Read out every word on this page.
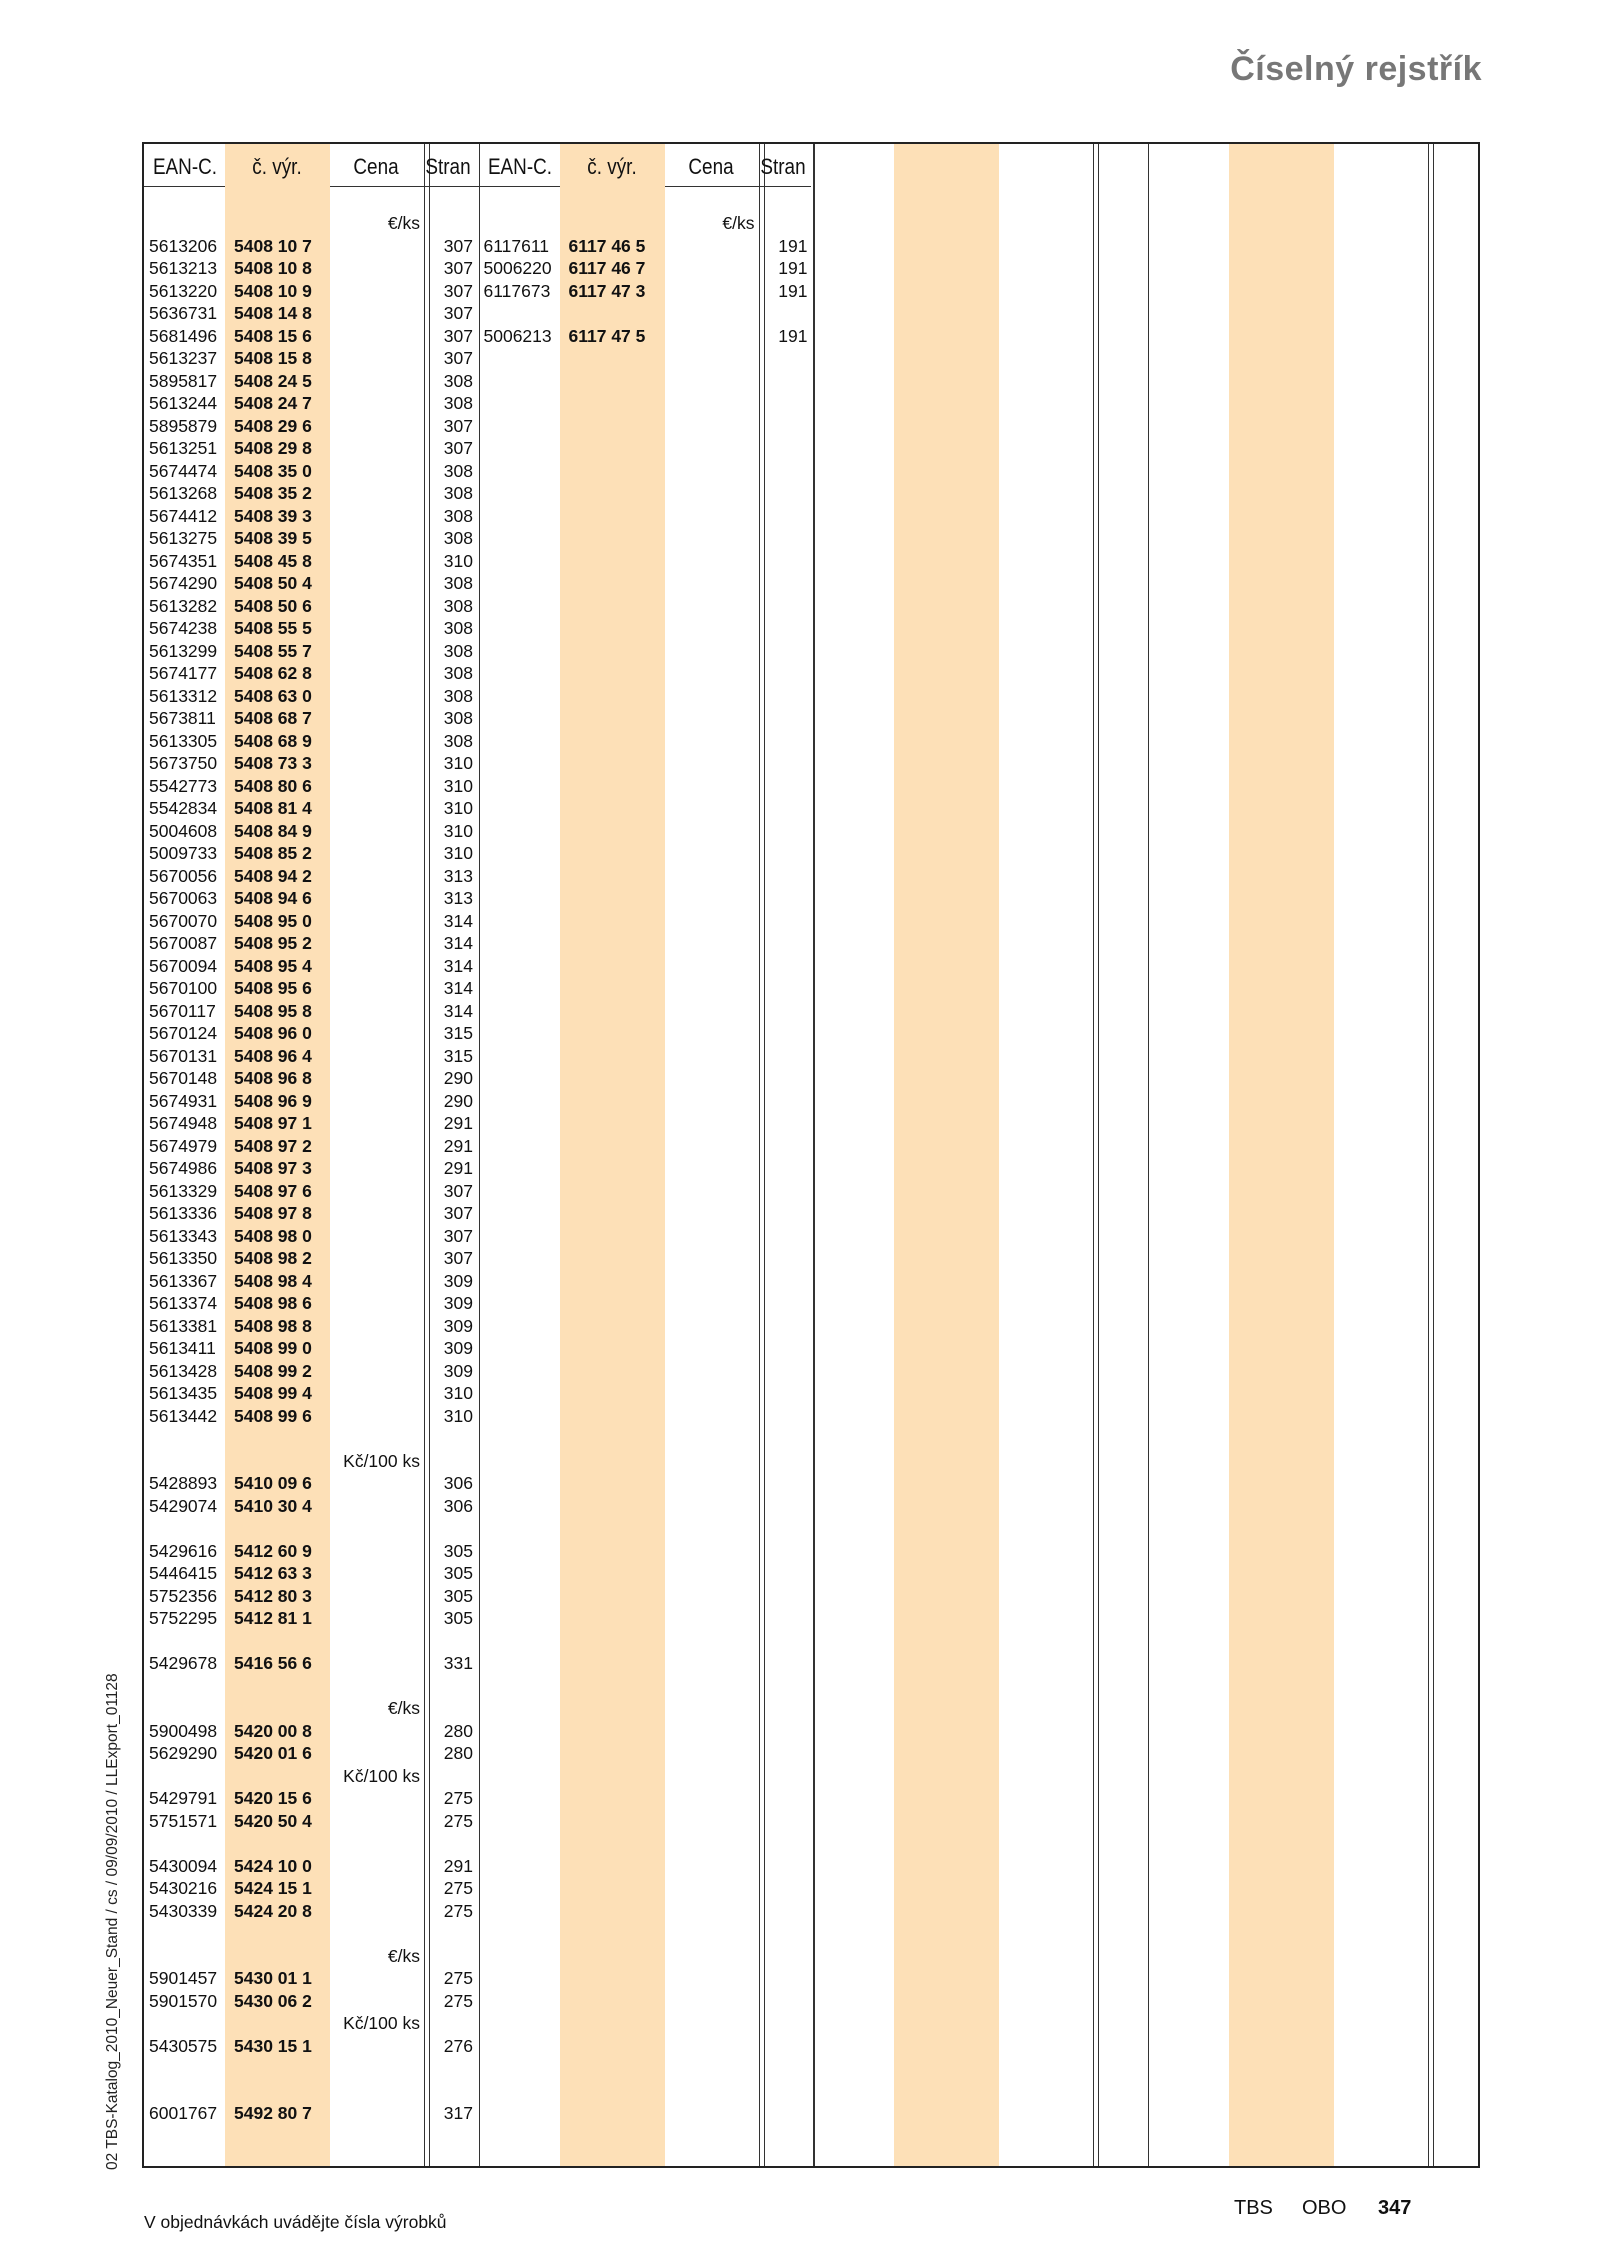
Číselný rejstřík
EAN-C.	č. výr.	Cena	Stran
€/ks
5613206 5408 10 7	307
5613213 5408 10 8	307
5613220 5408 10 9	307
5636731 5408 14 8	307
5681496 5408 15 6	307
5613237 5408 15 8	307
5895817 5408 24 5	308
5613244 5408 24 7	308
5895879 5408 29 6	307
5613251 5408 29 8	307
5674474 5408 35 0	308
5613268 5408 35 2	308
5674412 5408 39 3	308
5613275 5408 39 5	308
5674351 5408 45 8	310
5674290 5408 50 4	308
5613282 5408 50 6	308
5674238 5408 55 5	308
5613299 5408 55 7	308
5674177 5408 62 8	308
5613312 5408 63 0	308
5673811 5408 68 7	308
5613305 5408 68 9	308
5673750 5408 73 3	310
5542773 5408 80 6	310
5542834 5408 81 4	310
5004608 5408 84 9	310
5009733 5408 85 2	310
5670056 5408 94 2	313
5670063 5408 94 6	313
5670070 5408 95 0	314
5670087 5408 95 2	314
5670094 5408 95 4	314
5670100 5408 95 6	314
5670117 5408 95 8	314
5670124 5408 96 0	315
5670131 5408 96 4	315
5670148 5408 96 8	290
5674931 5408 96 9	290
5674948 5408 97 1	291
5674979 5408 97 2	291
5674986 5408 97 3	291
5613329 5408 97 6	307
5613336 5408 97 8	307
5613343 5408 98 0	307
5613350 5408 98 2	307
5613367 5408 98 4	309
5613374 5408 98 6	309
5613381 5408 98 8	309
5613411 5408 99 0	309
5613428 5408 99 2	309
5613435 5408 99 4	310
5613442 5408 99 6	310
Kč/100 ks
5428893 5410 09 6	306
5429074 5410 30 4	306
5429616 5412 60 9	305
5446415 5412 63 3	305
5752356 5412 80 3	305
5752295 5412 81 1	305
5429678 5416 56 6	331
€/ks
5900498 5420 00 8	280
5629290 5420 01 6	280
Kč/100 ks
5429791 5420 15 6	275
5751571 5420 50 4	275
5430094 5424 10 0	291
5430216 5424 15 1	275
5430339 5424 20 8	275
€/ks
5901457 5430 01 1	275
5901570 5430 06 2	275
Kč/100 ks
5430575 5430 15 1	276
6001767 5492 80 7	317
EAN-C.	č. výr.	Cena	Stran
€/ks
6117611 6117 46 5	191
5006220 6117 46 7	191
6117673 6117 47 3	191
5006213 6117 47 5	191
02 TBS-Katalog_2010_Neuer_Stand / cs / 09/09/2010 / LLExport_01128
V objednávkách uvádějte čísla výrobků
TBS OBO 347
